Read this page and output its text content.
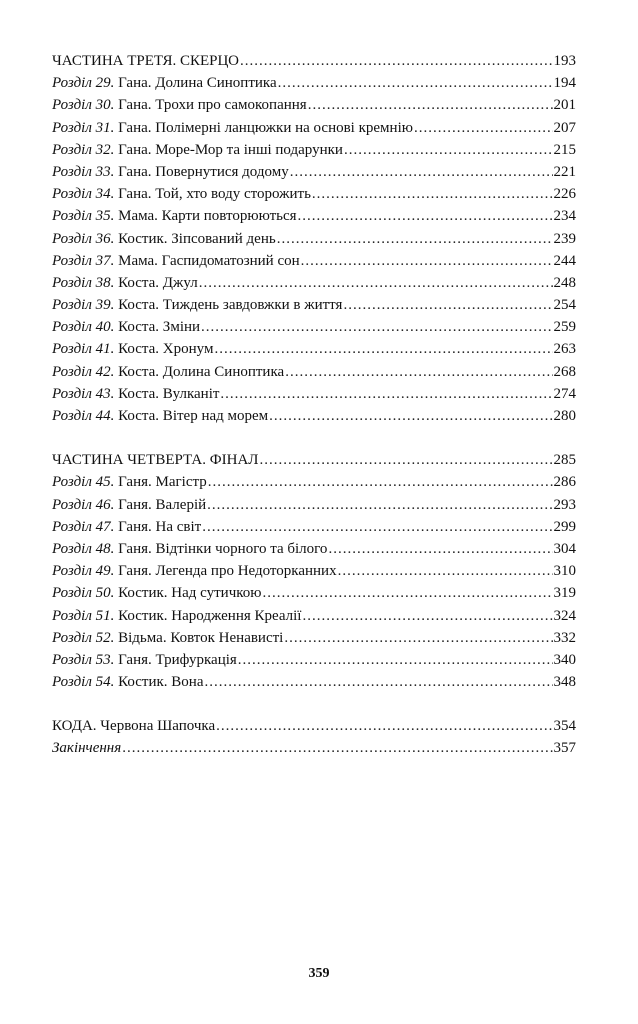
ЧАСТИНА ТРЕТЯ. СКЕРЦО .....	193
Розділ 29. Гана. Долина Синоптика .....	194
Розділ 30. Гана. Трохи про самокопання .....	201
Розділ 31. Гана. Полімерні ланцюжки на основі кремнію .....	207
Розділ 32. Гана. Море-Мор та інші подарунки .....	215
Розділ 33. Гана. Повернутися додому .....	221
Розділ 34. Гана. Той, хто воду сторожить .....	226
Розділ 35. Мама. Карти повторюються .....	234
Розділ 36. Костик. Зіпсований день .....	239
Розділ 37. Мама. Гаспидоматозний сон .....	244
Розділ 38. Коста. Джул .....	248
Розділ 39. Коста. Тиждень завдовжки в життя .....	254
Розділ 40. Коста. Зміни .....	259
Розділ 41. Коста. Хронум .....	263
Розділ 42. Коста. Долина Синоптика .....	268
Розділ 43. Коста. Вулканіт .....	274
Розділ 44. Коста. Вітер над морем .....	280
ЧАСТИНА ЧЕТВЕРТА. ФІНАЛ .....	285
Розділ 45. Ганя. Магістр .....	286
Розділ 46. Ганя. Валерій .....	293
Розділ 47. Ганя. На світ .....	299
Розділ 48. Ганя. Відтінки чорного та білого .....	304
Розділ 49. Ганя. Легенда про Недоторканних .....	310
Розділ 50. Костик. Над сутичкою .....	319
Розділ 51. Костик. Народження Креалії .....	324
Розділ 52. Відьма. Ковток Ненависті .....	332
Розділ 53. Ганя. Трифуркація .....	340
Розділ 54. Костик. Вона .....	348
КОДА. Червона Шапочка .....	354
Закінчення .....	357
359
